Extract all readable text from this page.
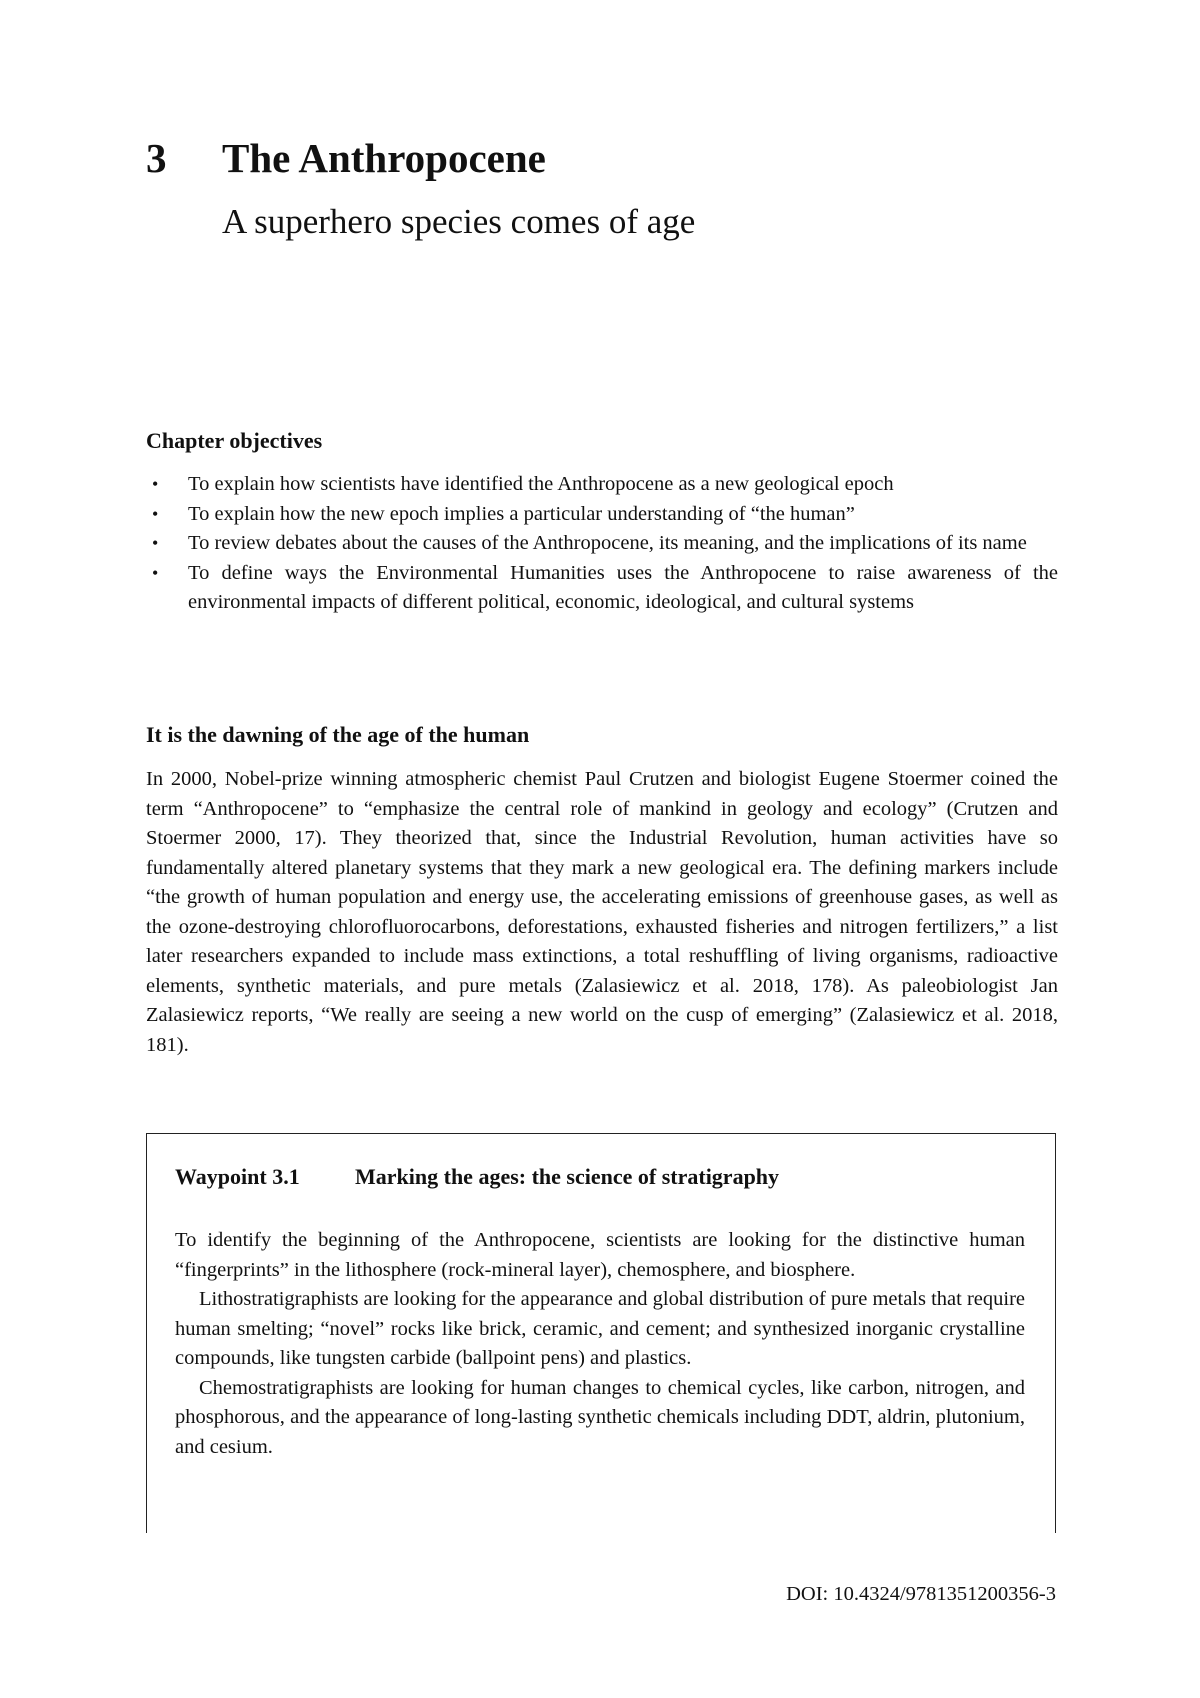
3	The Anthropocene
A superhero species comes of age
Chapter objectives
• To explain how scientists have identified the Anthropocene as a new geological epoch
• To explain how the new epoch implies a particular understanding of “the human”
• To review debates about the causes of the Anthropocene, its meaning, and the implications of its name
• To define ways the Environmental Humanities uses the Anthropocene to raise awareness of the environmental impacts of different political, economic, ideological, and cultural systems
It is the dawning of the age of the human

In 2000, Nobel-prize winning atmospheric chemist Paul Crutzen and biologist Eugene Stoermer coined the term “Anthropocene” to “emphasize the central role of mankind in geology and ecology” (Crutzen and Stoermer 2000, 17). They theorized that, since the Industrial Revolution, human activities have so fundamentally altered planetary systems that they mark a new geological era. The defining markers include “the growth of human population and energy use, the accelerating emissions of greenhouse gases, as well as the ozone-destroying chlorofluorocarbons, deforestations, exhausted fisheries and nitrogen fertilizers,” a list later researchers expanded to include mass extinctions, a total reshuffling of living organisms, radioactive elements, synthetic materials, and pure metals (Zalasiewicz et al. 2018, 178). As paleobiologist Jan Zalasiewicz reports, “We really are seeing a new world on the cusp of emerging” (Zalasiewicz et al. 2018, 181).

Waypoint 3.1	Marking the ages: the science of stratigraphy

To identify the beginning of the Anthropocene, scientists are looking for the distinctive human “fingerprints” in the lithosphere (rock-mineral layer), chemosphere, and biosphere.

Lithostratigraphists are looking for the appearance and global distribution of pure metals that require human smelting; “novel” rocks like brick, ceramic, and cement; and synthesized inorganic crystalline compounds, like tungsten carbide (ballpoint pens) and plastics.

Chemostratigraphists are looking for human changes to chemical cycles, like carbon, nitrogen, and phosphorous, and the appearance of long-lasting synthetic chemicals including DDT, aldrin, plutonium, and cesium.

DOI: 10.4324/9781351200356-3
